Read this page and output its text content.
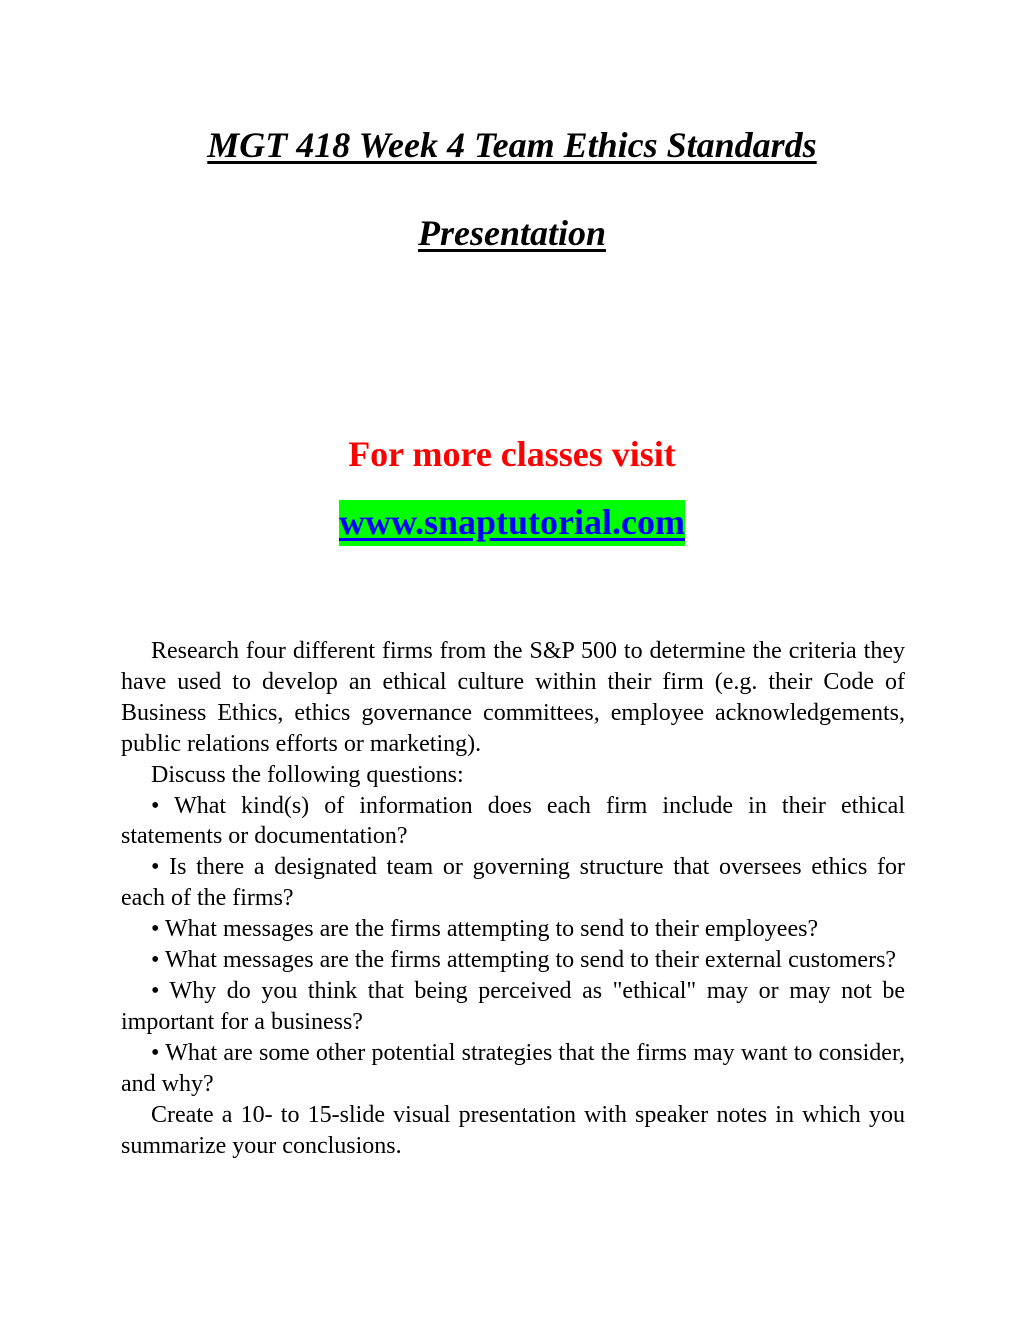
MGT 418 Week 4 Team Ethics Standards
Presentation
For more classes visit
www.snaptutorial.com

Research four different firms from the S&P 500 to determine the criteria they have used to develop an ethical culture within their firm (e.g. their Code of Business Ethics, ethics governance committees, employee acknowledgements, public relations efforts or marketing).

Discuss the following questions:

• What kind(s) of information does each firm include in their ethical statements or documentation?

• Is there a designated team or governing structure that oversees ethics for each of the firms?

• What messages are the firms attempting to send to their employees?

• What messages are the firms attempting to send to their external customers?

• Why do you think that being perceived as "ethical" may or may not be important for a business?

• What are some other potential strategies that the firms may want to consider, and why?

Create a 10- to 15-slide visual presentation with speaker notes in which you summarize your conclusions.
